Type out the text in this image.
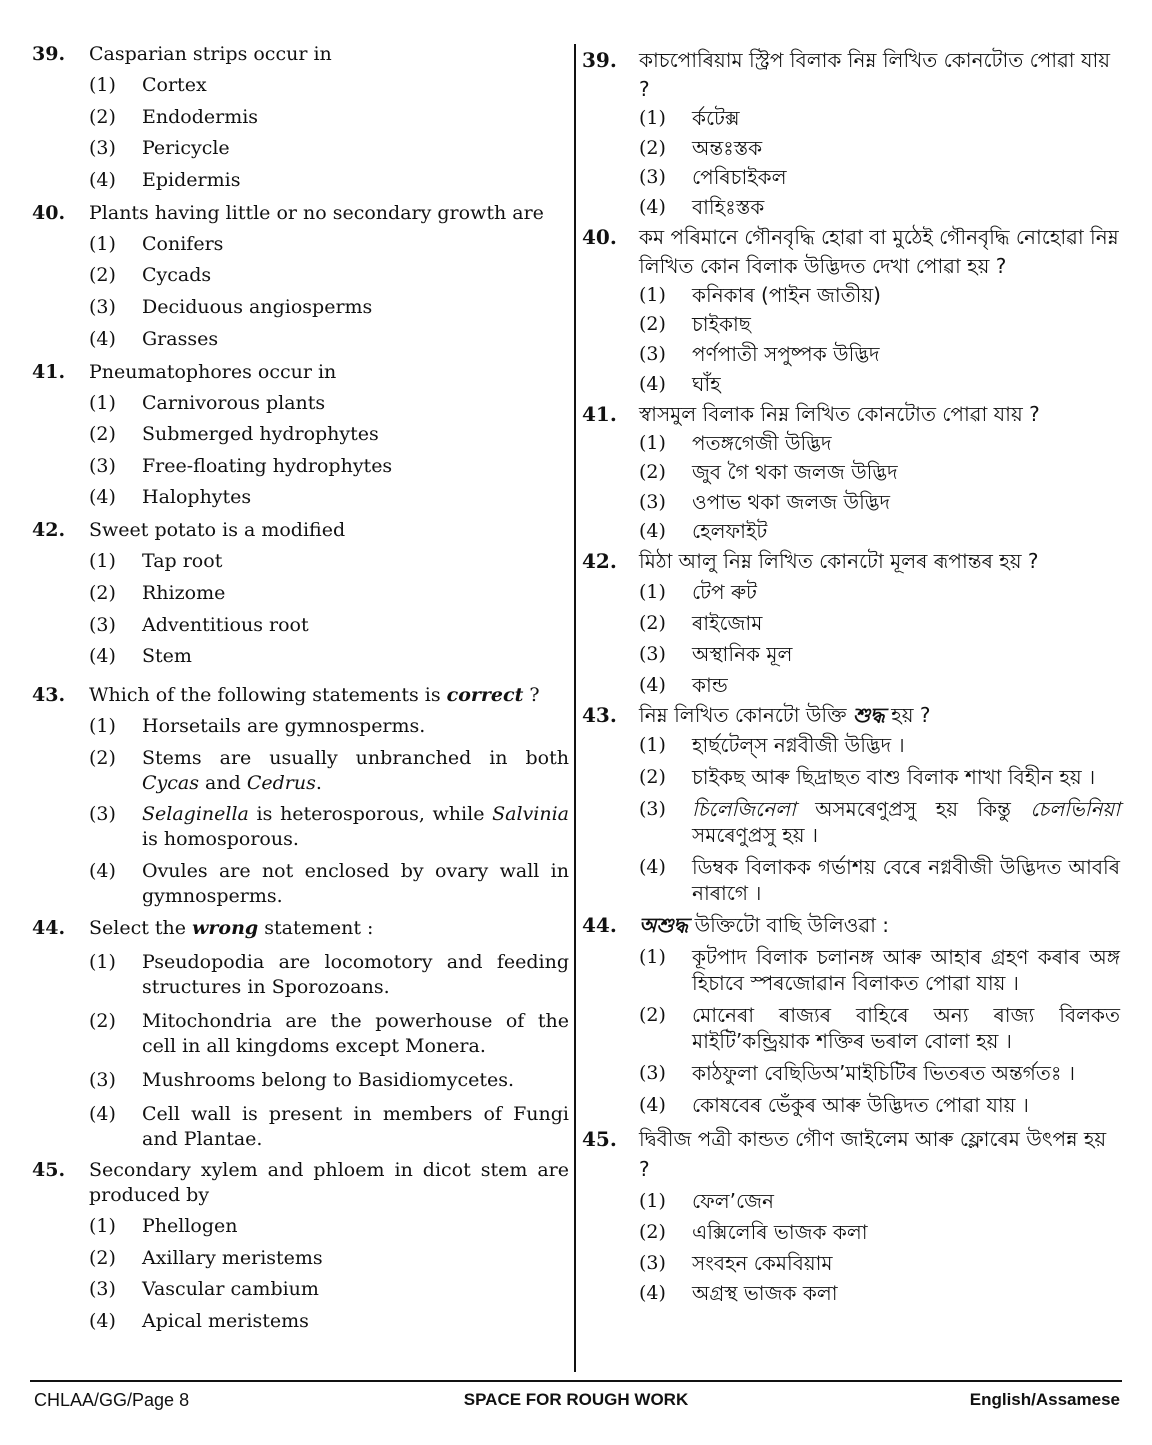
39.	Casparian strips occur in
(1)	Cortex
(2)	Endodermis
(3)	Pericycle
(4)	Epidermis
40.	Plants having little or no secondary growth are
(1)	Conifers
(2)	Cycads
(3)	Deciduous angiosperms
(4)	Grasses
41.	Pneumatophores occur in
(1)	Carnivorous plants
(2)	Submerged hydrophytes
(3)	Free-floating hydrophytes
(4)	Halophytes
42.	Sweet potato is a modified
(1)	Tap root
(2)	Rhizome
(3)	Adventitious root
(4)	Stem
43.	Which of the following statements is correct ?
(1)	Horsetails are gymnosperms.
(2)	Stems are usually unbranched in both Cycas and Cedrus.
(3)	Selaginella is heterosporous, while Salvinia is homosporous.
(4)	Ovules are not enclosed by ovary wall in gymnosperms.
44.	Select the wrong statement :
(1)	Pseudopodia are locomotory and feeding structures in Sporozoans.
(2)	Mitochondria are the powerhouse of the cell in all kingdoms except Monera.
(3)	Mushrooms belong to Basidiomycetes.
(4)	Cell wall is present in members of Fungi and Plantae.
45.	Secondary xylem and phloem in dicot stem are produced by
(1)	Phellogen
(2)	Axillary meristems
(3)	Vascular cambium
(4)	Apical meristems
39.	কাচপোৰিয়াম স্ট্ৰিপ বিলাক নিম্ন লিখিত কোনটোত পোৱা যায় ?
(1)	ৰ্কটেক্স
(2)	অন্তঃস্তক
(3)	পেৰিচাইকল
(4)	বাহিঃস্তক
40.	কম পৰিমানে গৌনবৃদ্ধি হোৱা বা মুঠেই গৌনবৃদ্ধি নোহোৱা নিম্ন লিখিত কোন বিলাক উদ্ভিদত দেখা পোৱা হয় ?
(1)	কনিকাৰ (পাইন জাতীয়)
(2)	চাইকাছ
(3)	পৰ্ণপাতী সপুষ্পক উদ্ভিদ
(4)	ঘাঁহ
41.	স্বাসমুল বিলাক নিম্ন লিখিত কোনটোত পোৱা যায় ?
(1)	পতঙ্গগেজী উদ্ভিদ
(2)	জুব গৈ থকা জলজ উদ্ভিদ
(3)	ওপাভ থকা জলজ উদ্ভিদ
(4)	হেলফাইট
42.	মিঠা আলু নিম্ন লিখিত কোনটো মূলৰ ৰূপান্তৰ হয় ?
(1)	টেপ ৰুট
(2)	ৰাইজোম
(3)	অস্থানিক মূল
(4)	কান্ড
43.	নিম্ন লিখিত কোনটো উক্তি শুদ্ধ হয় ?
(1)	হাৰ্ছটেল্‌স নগ্নবীজী উদ্ভিদ ।
(2)	চাইকছ আৰু ছিদ্ৰাছত বাশু বিলাক শাখা বিহীন হয় ।
(3)	চিলেজিনেলা অসমৰেণুপ্ৰসু হয় কিন্তু চেলভিনিয়া সমৰেণুপ্ৰসু হয় ।
(4)	ডিম্বক বিলাকক গৰ্ভাশয় বেৰে নগ্নবীজী উদ্ভিদত আবৰি নাৰাগে ।
44.	অশুদ্ধ উক্তিটো বাছি উলিওৱা :
(1)	কূটপাদ বিলাক চলানঙ্গ আৰু আহাৰ গ্ৰহণ কৰাৰ অঙ্গ হিচাবে স্পৰজোৱান বিলাকত পোৱা যায় ।
(2)	মোনেৰা ৰাজ্যৰ বাহিৰে অন্য ৰাজ্য বিলকত মাইটি’কন্ড্ৰিয়াক শক্তিৰ ভৰাল বোলা হয় ।
(3)	কাঠফুলা বেছিডিঅ’মাইচিটিৰ ভিতৰত অন্তৰ্গতঃ ।
(4)	কোষবেৰ ভেঁকুৰ আৰু উদ্ভিদত পোৱা যায় ।
45.	দ্বিবীজ পত্ৰী কান্ডত গৌণ জাইলেম আৰু ফ্লোৰেম উৎপন্ন হয় ?
(1)	ফেল’জেন
(2)	এক্সিলেৰি ভাজক কলা
(3)	সংবহন কেমবিয়াম
(4)	অগ্ৰস্থ ভাজক কলা
CHLAA/GG/Page 8	SPACE FOR ROUGH WORK	English/Assamese
